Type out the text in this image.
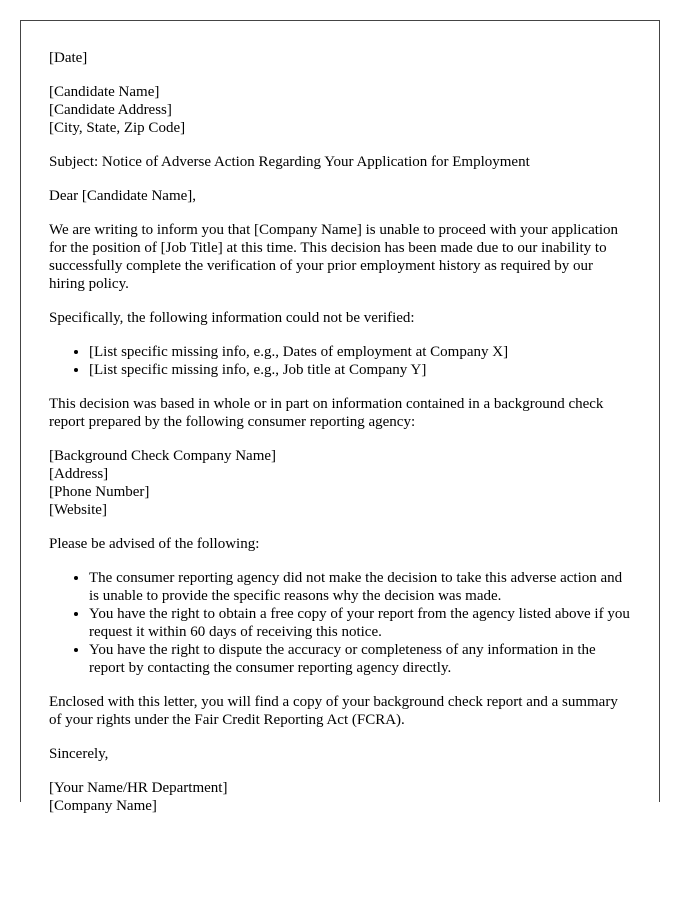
[Date]

[Candidate Name]
[Candidate Address]
[City, State, Zip Code]

Subject: Notice of Adverse Action Regarding Your Application for Employment

Dear [Candidate Name],

We are writing to inform you that [Company Name] is unable to proceed with your application for the position of [Job Title] at this time. This decision has been made due to our inability to successfully complete the verification of your prior employment history as required by our hiring policy.

Specifically, the following information could not be verified:

• [List specific missing info, e.g., Dates of employment at Company X]
• [List specific missing info, e.g., Job title at Company Y]

This decision was based in whole or in part on information contained in a background check report prepared by the following consumer reporting agency:

[Background Check Company Name]
[Address]
[Phone Number]
[Website]

Please be advised of the following:

• The consumer reporting agency did not make the decision to take this adverse action and is unable to provide the specific reasons why the decision was made.
• You have the right to obtain a free copy of your report from the agency listed above if you request it within 60 days of receiving this notice.
• You have the right to dispute the accuracy or completeness of any information in the report by contacting the consumer reporting agency directly.

Enclosed with this letter, you will find a copy of your background check report and a summary of your rights under the Fair Credit Reporting Act (FCRA).

Sincerely,

[Your Name/HR Department]
[Company Name]
